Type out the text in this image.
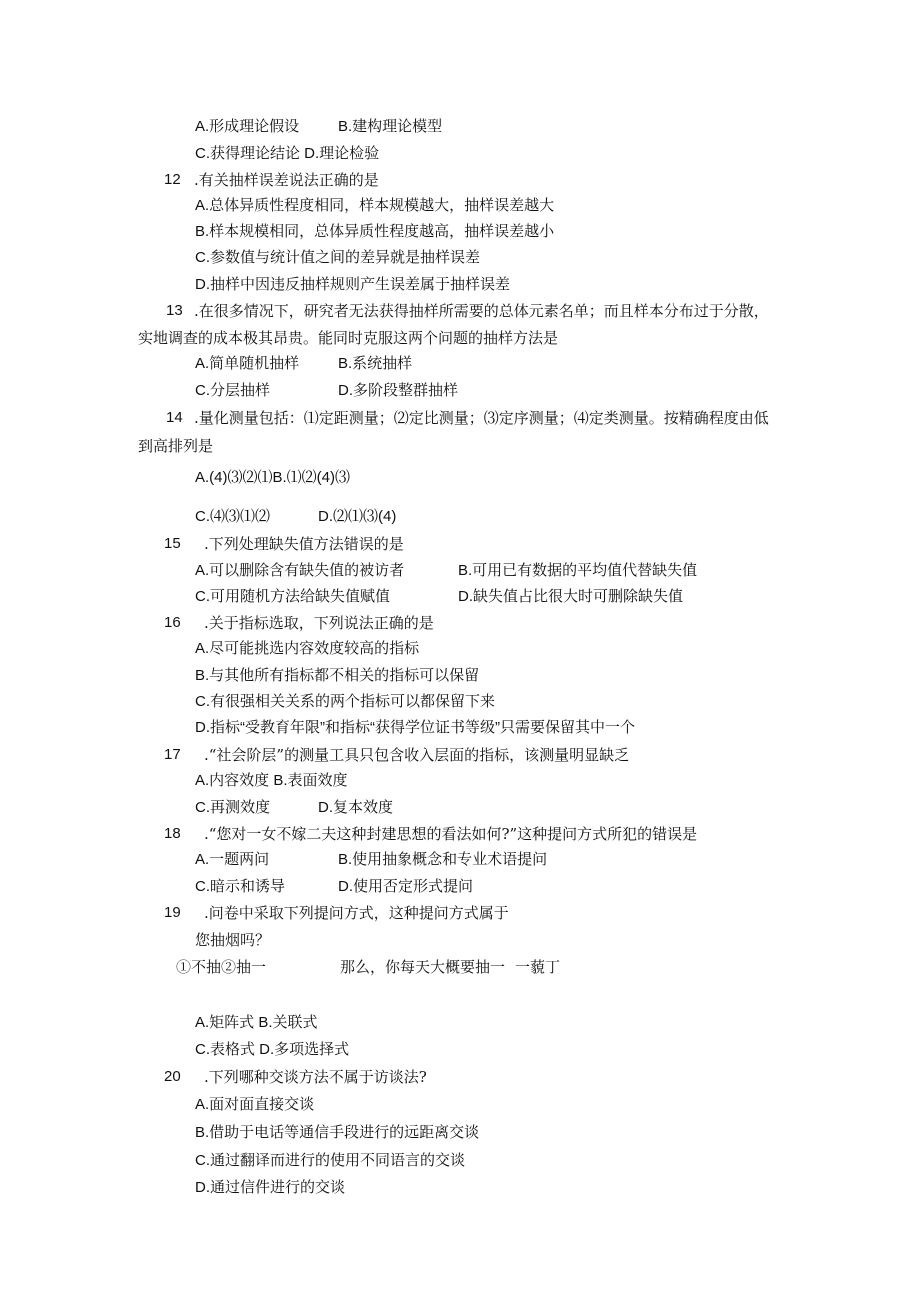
A.形成理论假设	B.建构理论模型
C.获得理论结论 D.理论检验
12 .有关抽样误差说法正确的是
A.总体异质性程度相同，样本规模越大，抽样误差越大
B.样本规模相同，总体异质性程度越高，抽样误差越小
C.参数值与统计值之间的差异就是抽样误差
D.抽样中因违反抽样规则产生误差属于抽样误差
13 .在很多情况下，研究者无法获得抽样所需要的总体元素名单；而且样本分布过于分散，
实地调查的成本极其昂贵。能同时克服这两个问题的抽样方法是
A.简单随机抽样	B.系统抽样
C.分层抽样	D.多阶段整群抽样
14 .量化测量包括：⑴定距测量；⑵定比测量；⑶定序测量；⑷定类测量。按精确程度由低
到高排列是
A.(4)⑶⑵⑴B.⑴⑵(4)⑶
C.⑷⑶⑴⑵	D.⑵⑴⑶(4)
15 .下列处理缺失值方法错误的是
A.可以删除含有缺失值的被访者	B.可用已有数据的平均值代替缺失值
C.可用随机方法给缺失值赋值	D.缺失值占比很大时可删除缺失值
16 .关于指标选取，下列说法正确的是
A.尽可能挑选内容效度较高的指标
B.与其他所有指标都不相关的指标可以保留
C.有很强相关关系的两个指标可以都保留下来
D.指标“受教育年限”和指标“获得学位证书等级”只需要保留其中一个
17 .“社会阶层”的测量工具只包含收入层面的指标，该测量明显缺乏
A.内容效度 B.表面效度
C.再测效度	D.复本效度
18 .“您对一女不嫁二夫这种封建思想的看法如何?”这种提问方式所犯的错误是
A.一题两问	B.使用抽象概念和专业术语提问
C.暗示和诱导	D.使用否定形式提问
19 .问卷中采取下列提问方式，这种提问方式属于
您抽烟吗？
①不抽②抽一	那么，你每天大概要抽一 一藐丁
A.矩阵式 B.关联式
C.表格式 D.多项选择式
20 .下列哪种交谈方法不属于访谈法?
A.面对面直接交谈
B.借助于电话等通信手段进行的远距离交谈
C.通过翻译而进行的使用不同语言的交谈
D.通过信件进行的交谈
